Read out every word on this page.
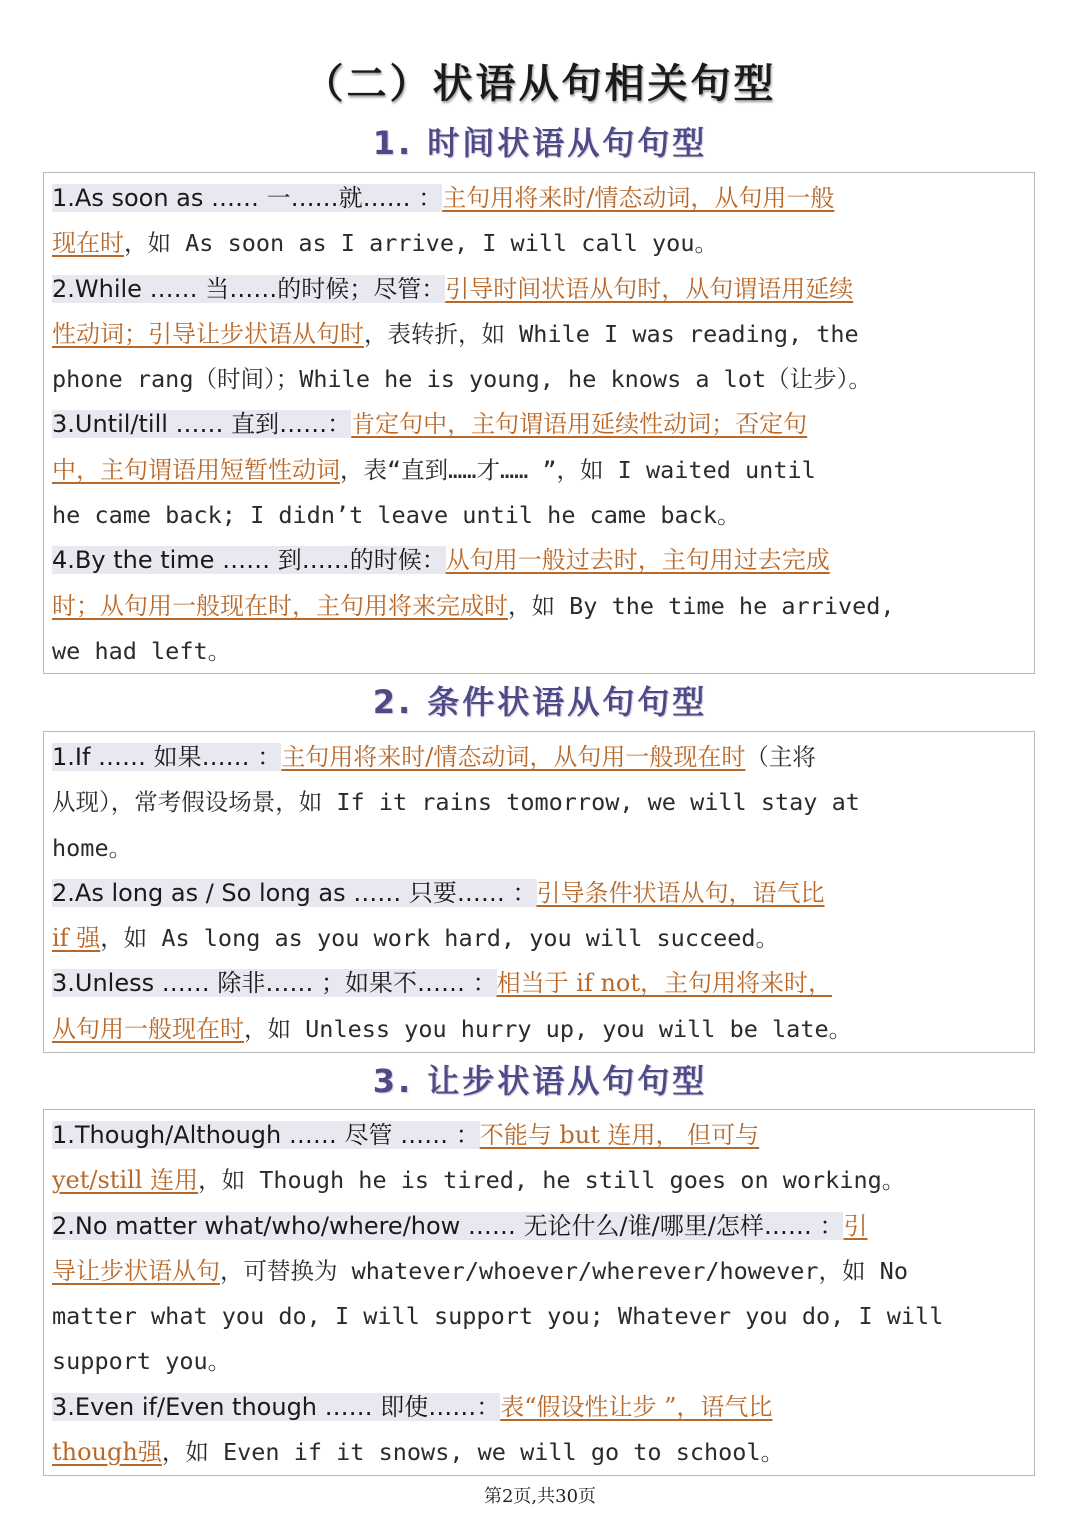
（二）状语从句相关句型
1. 时间状语从句句型
1.As soon as …… 一……就…… ：主句用将来时/情态动词，从句用一般
现在时，如 As soon as I arrive, I will call you。
2.While …… 当……的时候；尽管：引导时间状语从句时，从句谓语用延续
性动词；引导让步状语从句时，表转折，如 While I was reading, the
phone rang（时间）；While he is young, he knows a lot（让步）。
3.Until/till …… 直到……：肯定句中，主句谓语用延续性动词；否定句
中，主句谓语用短暂性动词，表“直到……才…… ”，如 I waited until
he came back; I didn’t leave until he came back。
4.By the time …… 到……的时候：从句用一般过去时，主句用过去完成
时；从句用一般现在时，主句用将来完成时，如 By the time he arrived,
we had left。
2. 条件状语从句句型
1.If …… 如果…… ：主句用将来时/情态动词，从句用一般现在时（主将
从现），常考假设场景，如 If it rains tomorrow, we will stay at
home。
2.As long as / So long as …… 只要…… ：引导条件状语从句，语气比
if 强，如 As long as you work hard, you will succeed。
3.Unless …… 除非…… ；如果不…… ：相当于 if not，主句用将来时，
从句用一般现在时，如 Unless you hurry up, you will be late。
3. 让步状语从句句型
1.Though/Although …… 尽管 …… ：不能与 but 连用， 但可与
yet/still 连用，如 Though he is tired, he still goes on working。
2.No matter what/who/where/how …… 无论什么/谁/哪里/怎样…… ：引
导让步状语从句，可替换为 whatever/whoever/wherever/however，如 No
matter what you do, I will support you; Whatever you do, I will
support you。
3.Even if/Even though …… 即使……：表“假设性让步 ”，语气比
though强，如 Even if it snows, we will go to school。
第2页,共30页
